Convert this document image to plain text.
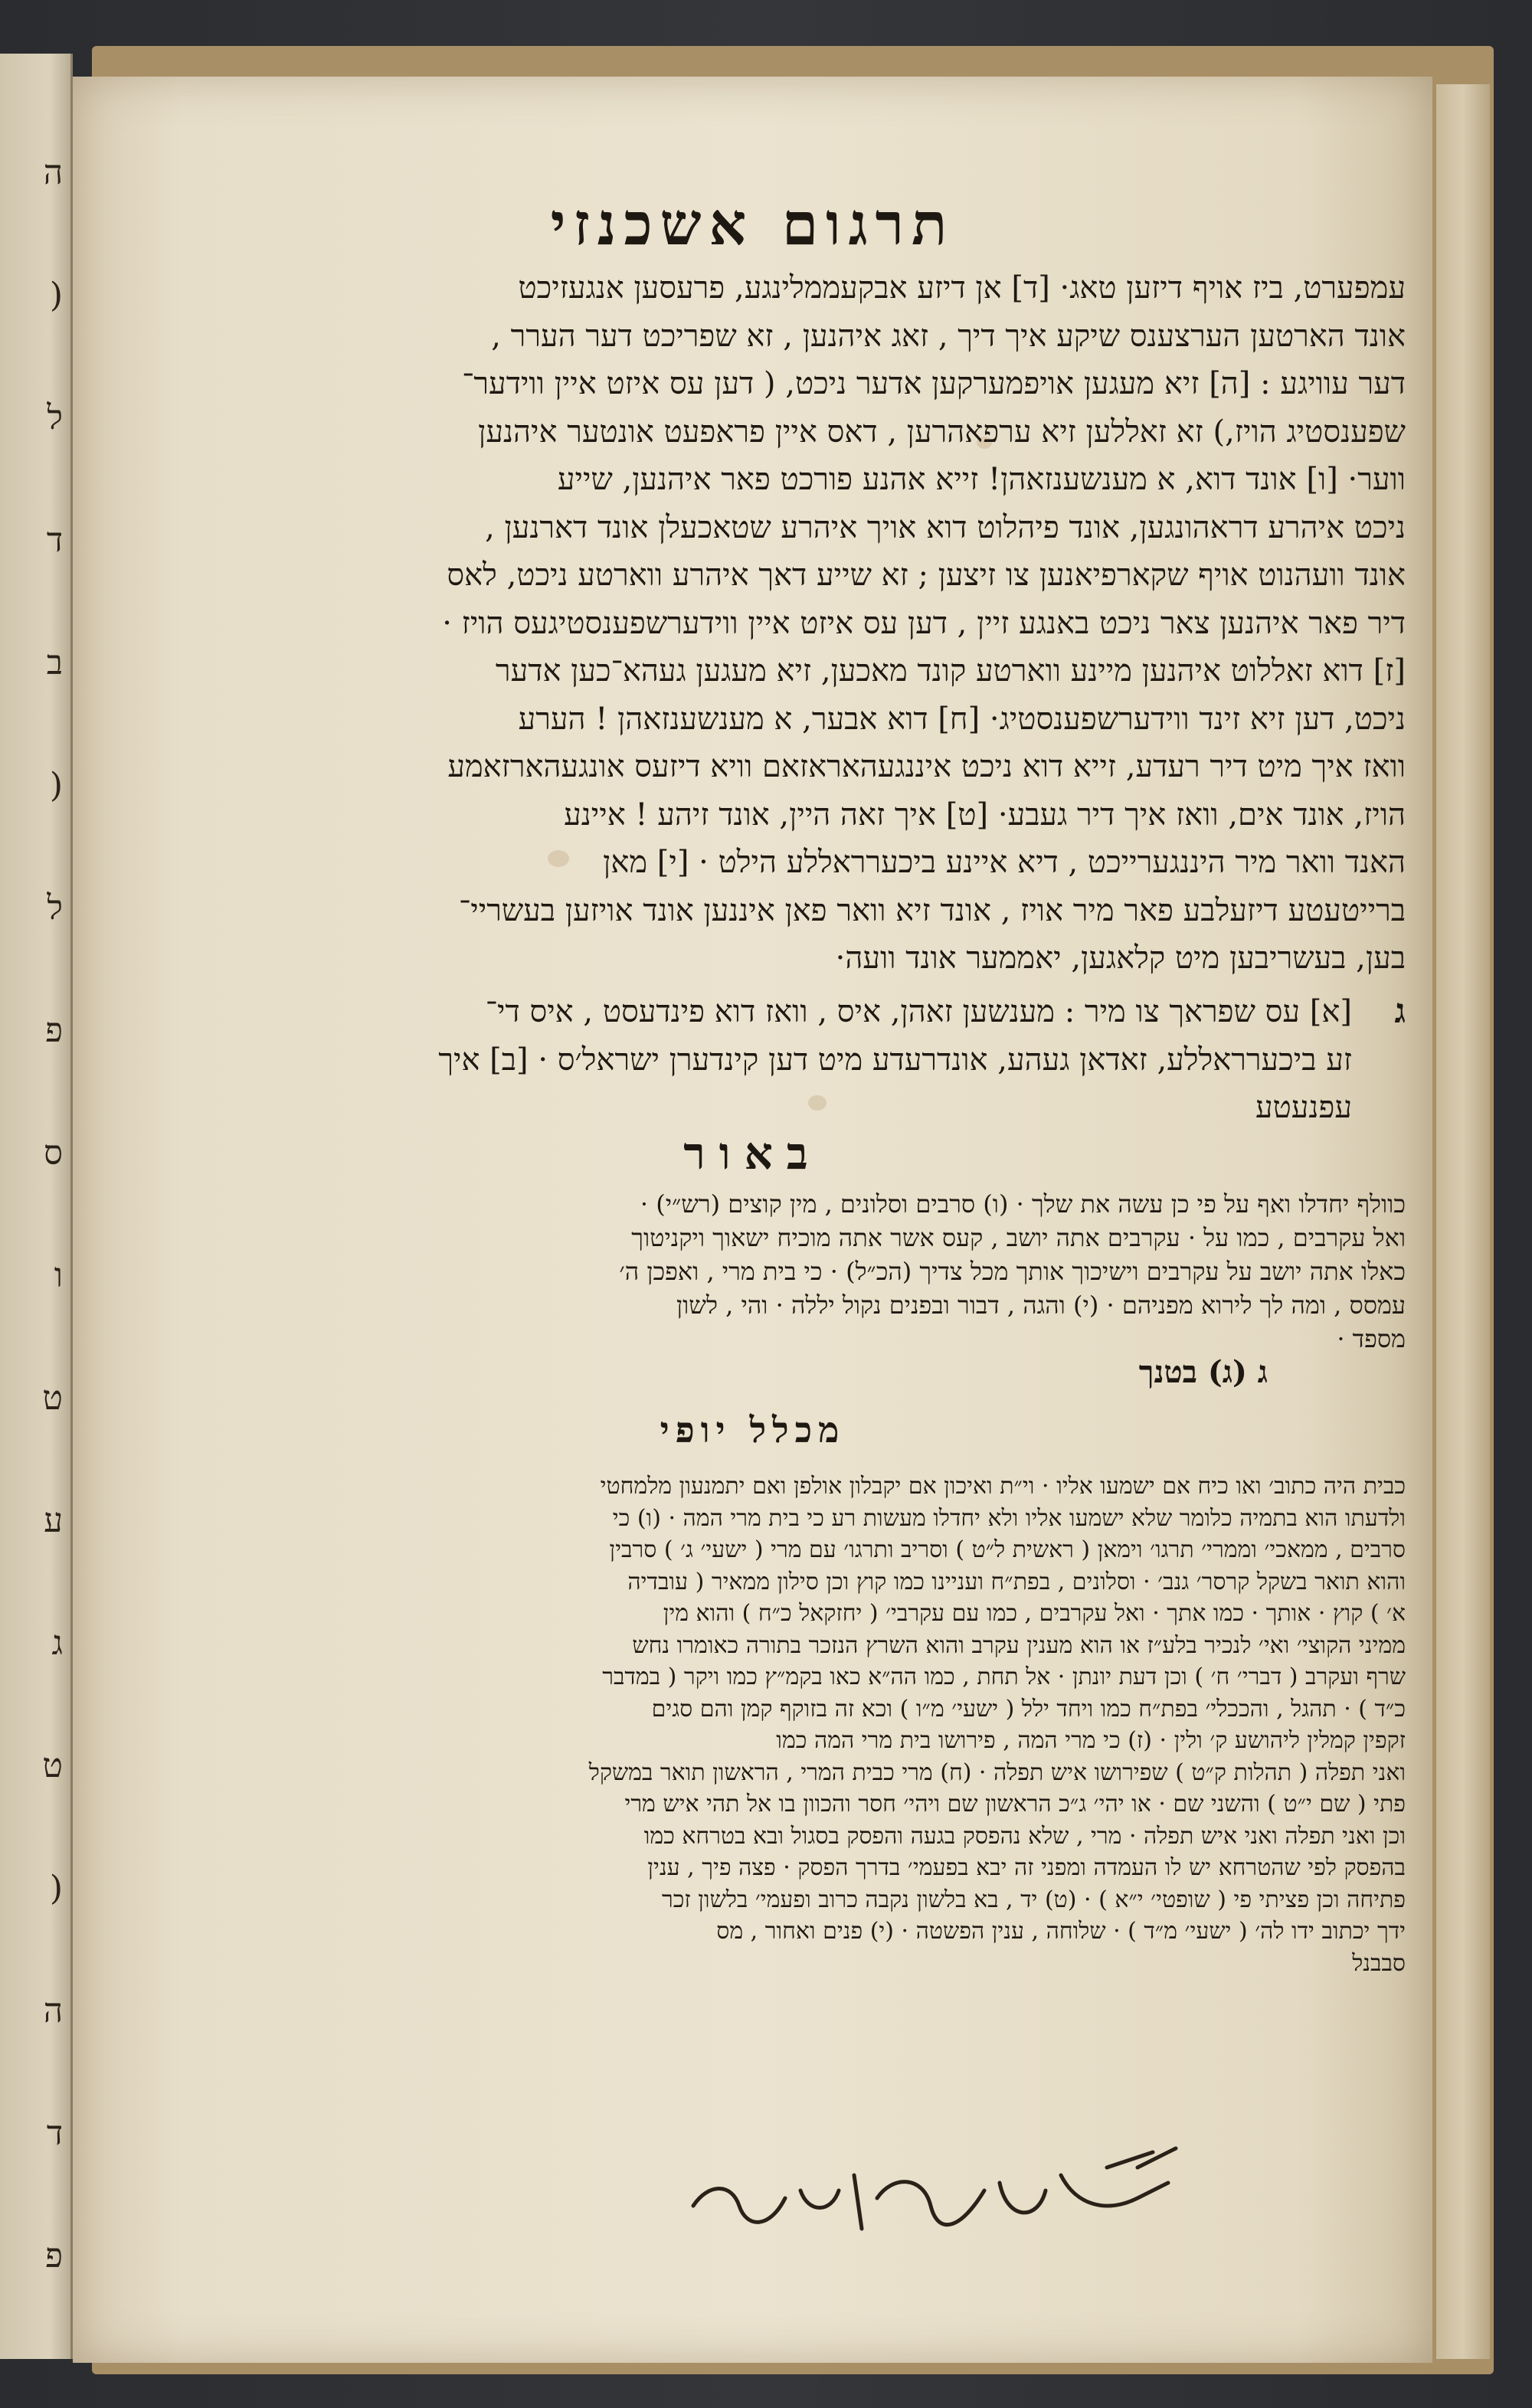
ה
(
ל
ד
ב
(
ל
פ
ס
ו
ט
ע
ג
ט
(
ה
ד
פ
תרגום אשכנזי

עמפערט, ביז אויף דיזען טאג· [ד] אן דיזע אבקעממלינגע, פרעסען אנגעזיכט

אונד הארטען הערצענס שיקע איך דיך , זאג איהנען , זא שפריכט דער הערר ,

דער עוויגע : [ה] זיא מעגען אויפמערקען אדער ניכט, ( דען עס איזט איין ווידער־

שפענסטיג הויז,) זא זאללען זיא ערפאהרען , דאס איין פראפעט אונטער איהנען

ווער· [ו] אונד דוא, א מענשענזאהן! זייא אהנע פורכט פאר איהנען, שייע

ניכט איהרע דראהונגען, אונד פיהלוט דוא אויך איהרע שטאכעלן אונד דארנען ,

אונד וועהנוט אויף שקארפיאנען צו זיצען ; זא שייע דאך איהרע ווארטע ניכט, לאס

דיר פאר איהנען צאר ניכט באנגע זיין , דען עס איזט איין ווידערשפענסטיגעס הויז ·

[ז] דוא זאללוט איהנען מיינע ווארטע קונד מאכען, זיא מעגען געהא־כען אדער

ניכט, דען זיא זינד ווידערשפענסטיג· [ח] דוא אבער, א מענשענזאהן ! הערע

וואז איך מיט דיר רעדע, זייא דוא ניכט איננגעהאראזאם וויא דיזעס אונגעהארזאמע

הויז, אונד אים, וואז איך דיר געבע· [ט] איך זאה היין, אונד זיהע ! איינע

האנד וואר מיר היננגערייכט , דיא איינע ביכערראללע הילט · [י] מאן

ברייטעטע דיזעלבע פאר מיר אויז , אונד זיא וואר פאן איננען אונד אויזען בעשריי־

בען, בעשריבען מיט קלאגען, יאממער אונד וועה·

ג

[א] עס שפראך צו מיר : מענשען זאהן, איס , וואז דוא פינדעסט , איס די־

זע ביכערראללע, זאדאן געהע, אונדרעדע מיט דען קינדערן ישראל׳ס · [ב] איך

עפנעטע

באור

כוולף יחדלו ואף על פי כן עשה את שלך · (ו) סרבים וסלונים , מין קוצים (רש״י) ·

ואל עקרבים , כמו על · עקרבים אתה יושב , קעס אשר אתה מוכיח ישאוך ויקניטוך

כאלו אתה יושב על עקרבים וישיכוך אותך מכל צדיך (הכ״ל) · כי בית מרי , ואפכן ה׳

עמסס , ומה לך לירוא מפניהם · (י) והגה , דבור ובפנים נקול יללה · והי , לשון

מספד ·

ג (ג) בטנך
מכלל יופי

כבית היה כתוב׳ ואו כיח אם ישמעו אליו · וי״ת ואיכון אם יקבלון אולפן ואם יתמנעון מלמחטי

ולדעתו הוא בתמיה כלומר שלא ישמעו אליו ולא יחדלו מעשות רע כי בית מרי המה · (ו) כי

סרבים , ממאכי׳ וממרי׳ תרגו׳ וימאן ( ראשית ל״ט ) וסריב ותרגו׳ עם מרי ( ישעי׳ ג׳ ) סרבין

והוא תואר בשקל קרסר׳ גנב׳ · וסלונים , בפת״ח ועניינו כמו קוץ וכן סילון ממאיר ( עובדיה

א׳ ) קוץ · אותך · כמו אתך · ואל עקרבים , כמו עם עקרבי׳ ( יחזקאל כ״ח ) והוא מין

ממיני הקוצי׳ ואי׳ לנכיר בלע״ז או הוא מענין עקרב והוא השרץ הנזכר בתורה כאומרו נחש

שרף ועקרב ( דברי׳ ח׳ ) וכן דעת יונתן · אל תחת , כמו הה״א כאו בקמ״ץ כמו ויקר ( במדבר

כ״ד ) · תהגל , והככלי׳ בפת״ח כמו ויחד ילל ( ישעי׳ מ״ו ) וכא זה בזוקף קמן והם סגים

זקפין קמלין ליהושע ק׳ ולין · (ז) כי מרי המה , פירושו בית מרי המה כמו

ואני תפלה ( תהלות ק״ט ) שפירושו איש תפלה · (ח) מרי כבית המרי , הראשון תואר במשקל

פתי ( שם י״ט ) והשני שם · או יהי׳ ג״כ הראשון שם ויהי׳ חסר והכוון בו אל תהי איש מרי

וכן ואני תפלה ואני איש תפלה · מרי , שלא נהפסק בגעה והפסק בסגול ובא בטרחא כמו

בהפסק לפי שהטרחא יש לו העמדה ומפני זה יבא בפעמי׳ בדרך הפסק · פצה פיך , ענין

פתיחה וכן פציתי פי ( שופטי׳ י״א ) · (ט) יד , בא בלשון נקבה כרוב ופעמי׳ בלשון זכר

ידך יכתוב ידו לה׳ ( ישעי׳ מ״ד ) · שלוחה , ענין הפשטה · (י) פנים ואחור , מס

סבבנל
